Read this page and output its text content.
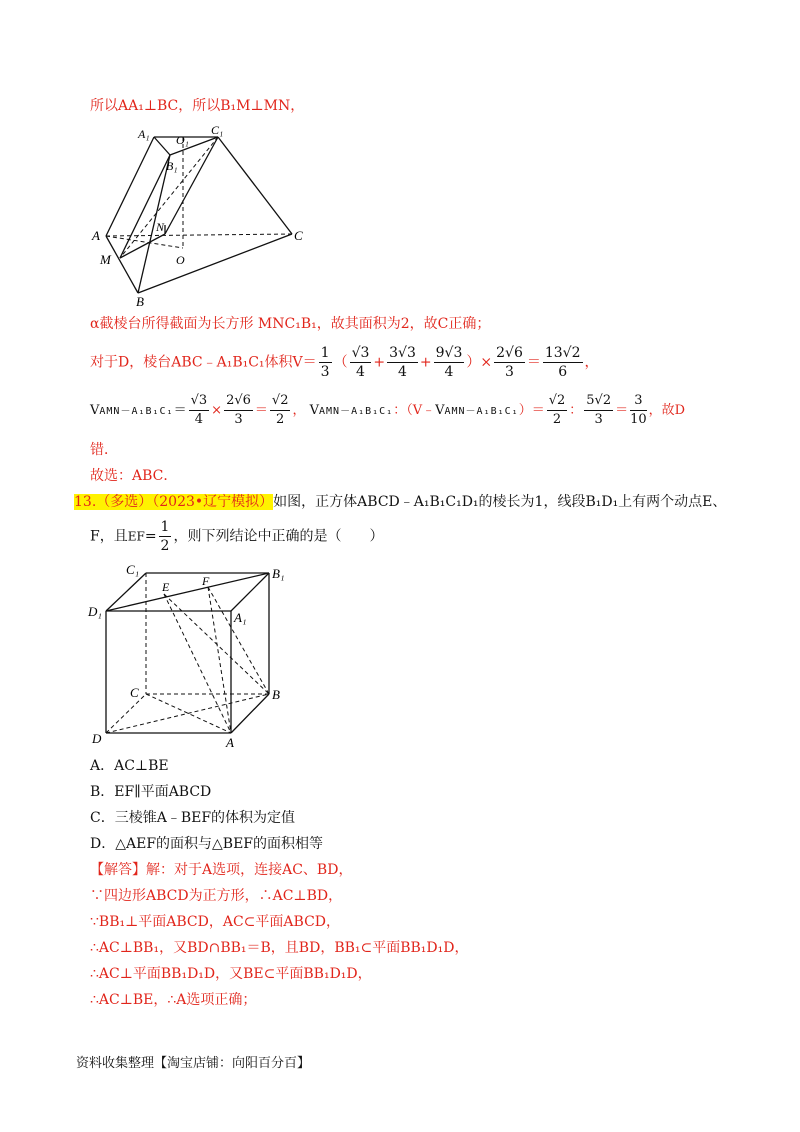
所以AA₁⊥BC，所以B₁M⊥MN，
A₁ O₁
C₁
B₁
A
N
C
M	O
B
α截棱台所得截面为长方形 MNC₁B₁，故其面积为2，故C正确；
对于D，棱台ABC﹣A₁B₁C₁体积$V= \frac{1}{3}$ （ $\frac{√3}{4} + \frac{3√3}{4} + \frac{9√3}{4}$ ）× $\frac{2√6}{3} = \frac{13√2}{6}$ ，
VAMN－A₁B₁C₁＝ $\frac{√3}{4} \times \frac{2√6}{3} = \frac{√2}{2}$ ， VAMN－A₁B₁C₁：（V﹣VAMN－A₁B₁C₁）＝ $\frac{√2}{2}$ ： $\frac{5√2}{3} = \frac{3}{10}$ ，故D
错．
故选：ABC．
13.（多选）（2023•辽宁模拟）如图，正方体ABCD﹣A₁B₁C₁D₁的棱长为1，线段B₁D₁上有两个动点E、
F，且$EF= \frac{1}{2}$ ，则下列结论中正确的是（　　）
C₁
E	F	B₁
D₁	A₁
C	B
D	A
A．AC⊥BE
B．EF∥平面ABCD
C．三棱锥A﹣BEF的体积为定值
D．△AEF的面积与△BEF的面积相等
【解答】解：对于A选项，连接AC、BD，
∵四边形ABCD为正方形，∴AC⊥BD，
∵BB₁⊥平面ABCD，AC⊂平面ABCD，
∴AC⊥BB₁，又BD∩BB₁＝B，且BD，BB₁⊂平面BB₁D₁D，
∴AC⊥平面BB₁D₁D，又BE⊂平面BB₁D₁D，
∴AC⊥BE，∴A选项正确；
资料收集整理【淘宝店铺：向阳百分百】
